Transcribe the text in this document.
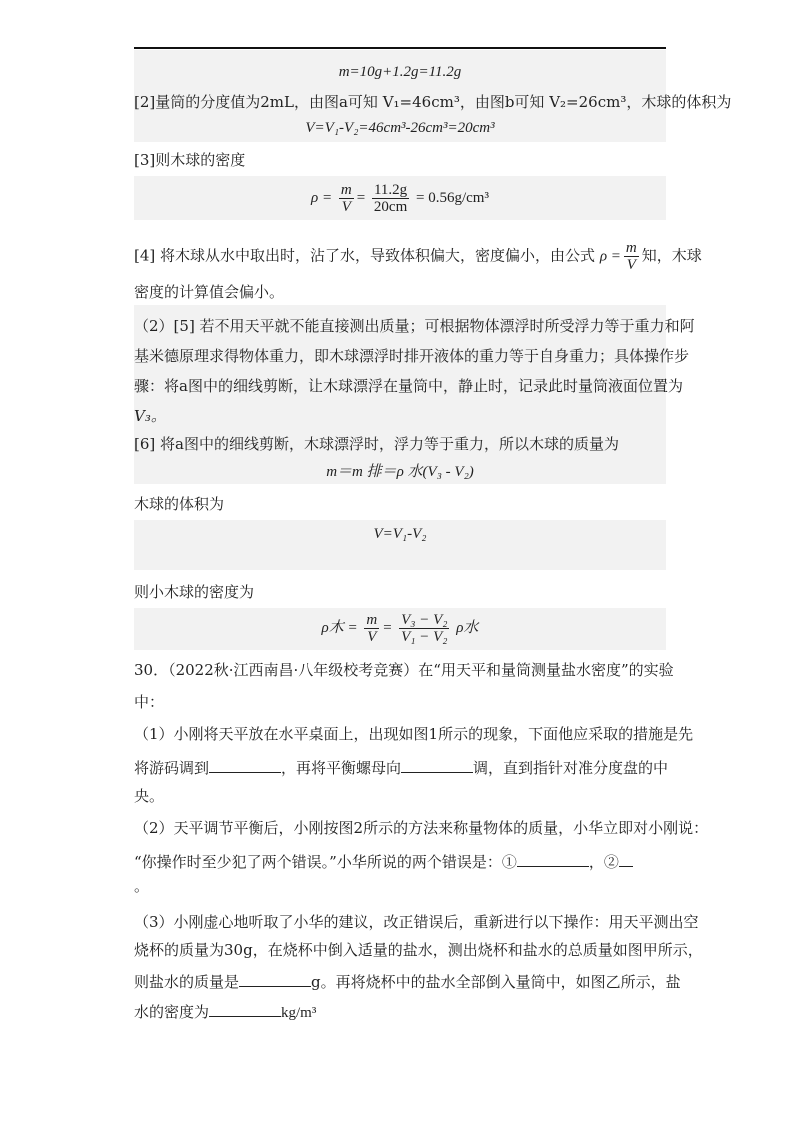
m=10g+1.2g=11.2g
[2]量筒的分度值为2mL，由图a可知 V₁=46cm³，由图b可知 V₂=26cm³，木球的体积为
V=V₁-V₂=46cm³-26cm³=20cm³
[3]则木球的密度
$\rho = \frac{m}{V} = \frac{11.2g}{20cm} = 0.56g/cm^3$
[4] 将木球从水中取出时，沾了水，导致体积偏大，密度偏小，由公式 $\rho = \frac{m}{V}$ 知，木球
密度的计算值会偏小。
（2）[5] 若不用天平就不能直接测出质量；可根据物体漂浮时所受浮力等于重力和阿
基米德原理求得物体重力，即木球漂浮时排开液体的重力等于自身重力；具体操作步
骤：将a图中的细线剪断，让木球漂浮在量筒中，静止时，记录此时量筒液面位置为
V₃。
[6] 将a图中的细线剪断，木球漂浮时，浮力等于重力，所以木球的质量为
m＝m 排＝ρ 水(V₃ - V₂)
木球的体积为
V=V₁-V₂
则小木球的密度为
ρ木 = $\frac{m}{V} = \frac{\text{V₃ − V₂}}{\text{V₁ − V₂}}$ ρ水
30．（2022秋·江西南昌·八年级校考竞赛）在“用天平和量筒测量盐水密度”的实验
中：
（1）小刚将天平放在水平桌面上，出现如图1所示的现象，下面他应采取的措施是先
将游码调到	，再将平衡螺母向	调，直到指针对准分度盘的中
央。
（2）天平调节平衡后，小刚按图2所示的方法来称量物体的质量，小华立即对小刚说：
“你操作时至少犯了两个错误。”小华所说的两个错误是：①	，②
。
（3）小刚虚心地听取了小华的建议，改正错误后，重新进行以下操作：用天平测出空
烧杯的质量为30g，在烧杯中倒入适量的盐水，测出烧杯和盐水的总质量如图甲所示，
则盐水的质量是	g。再将烧杯中的盐水全部倒入量筒中，如图乙所示，盐
水的密度为	kg/m³
